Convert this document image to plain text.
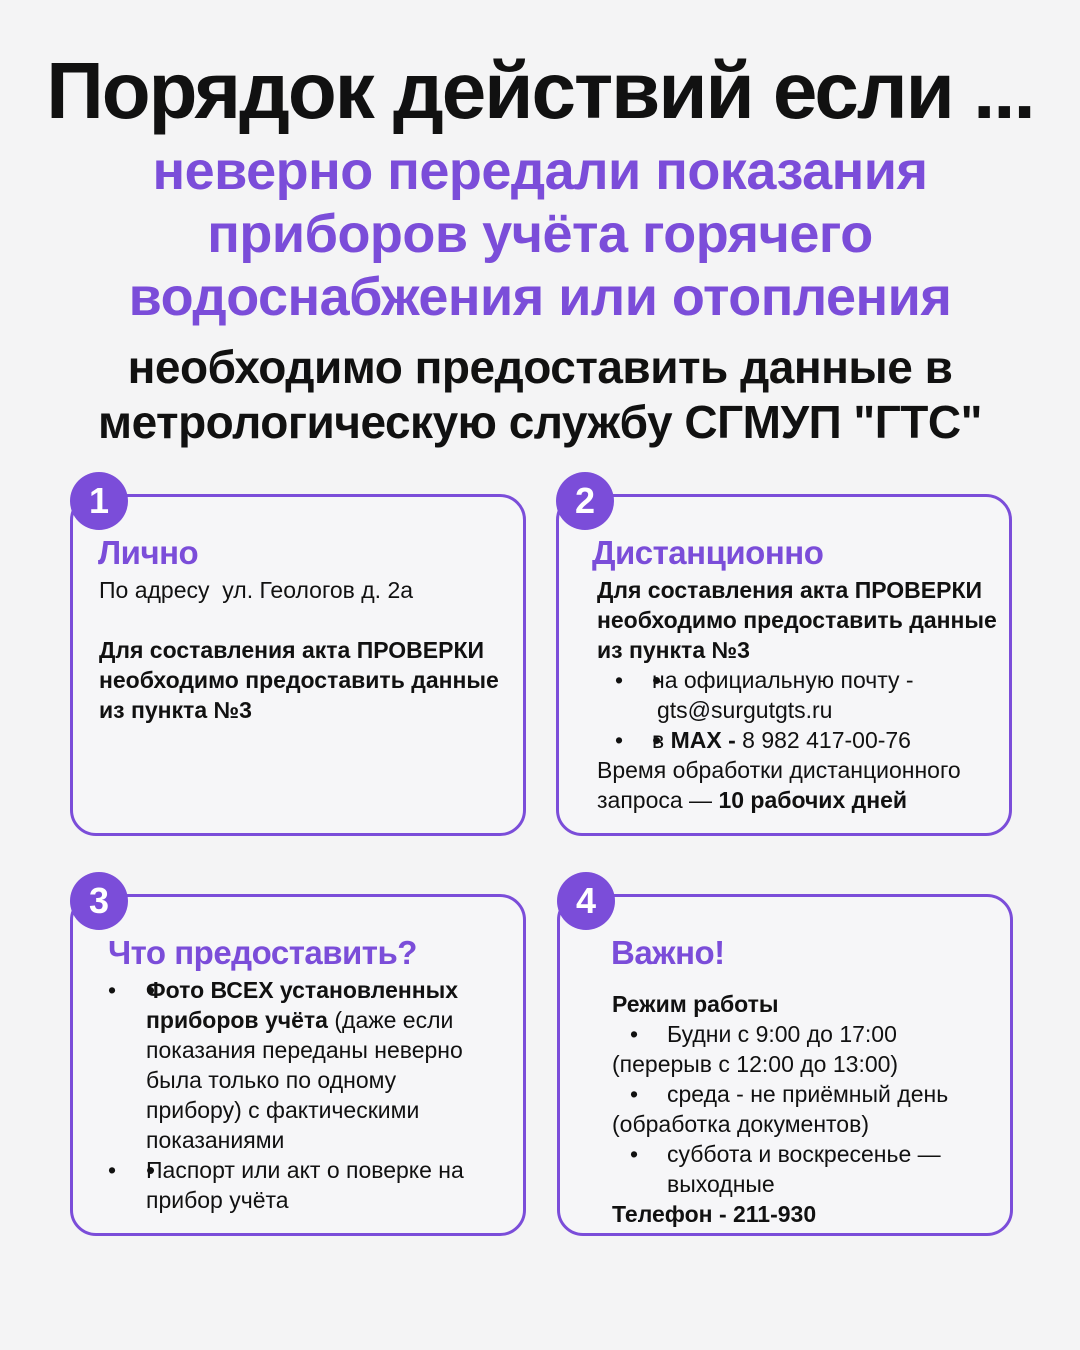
Порядок действий если ...
неверно передали показания
приборов учёта горячего
водоснабжения или отопления
необходимо предоставить данные в
метрологическую службу СГМУП "ГТС"
1
Лично

По адресу ул. Геологов д. 2а

Для составления акта ПРОВЕРКИ

необходимо предоставить данные

из пункта №3

2
Дистанционно

Для составления акта ПРОВЕРКИ

необходимо предоставить данные

из пункта №3

• • на официальную почту -
gts@surgutgts.ru
• • в MAX - 8 982 417-00-76

Время обработки дистанционного

запроса — 10 рабочих дней

3
Что предоставить?
• • Фото ВСЕХ установленных
приборов учёта (даже если
показания переданы неверно
была только по одному
прибору) с фактическими
показаниями
• • Паспорт или акт о поверке на
прибор учёта
4
Важно!

Режим работы

• Будни с 9:00 до 17:00

(перерыв с 12:00 до 13:00)

• среда - не приёмный день

(обработка документов)

• суббота и воскресенье —
выходные

Телефон - 211-930
